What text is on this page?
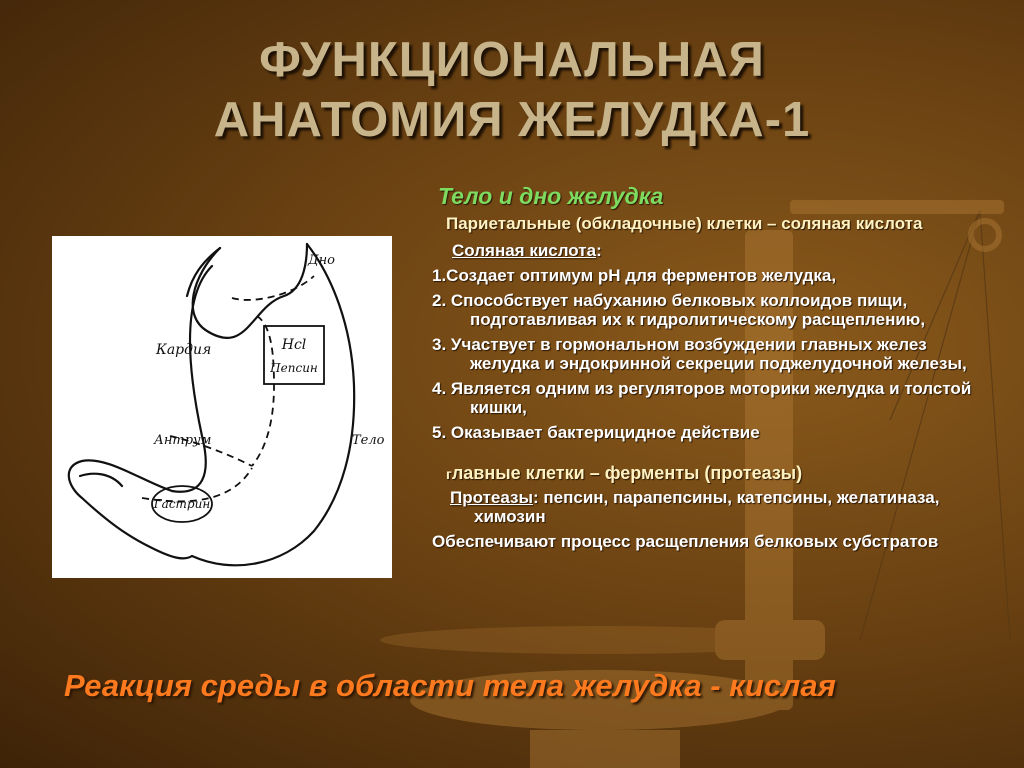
ФУНКЦИОНАЛЬНАЯ
АНАТОМИЯ ЖЕЛУДКА-1
Нсl
Пепсин
Гастрин
Дно
Кардия
Антрум	Тело

Тело и дно желудка

Париетальные (обкладочные) клетки – соляная кислота

Соляная кислота:

1.Создает оптимум рН для ферментов желудка,

2. Способствует набуханию белковых коллоидов пищи, подготавливая их к гидролитическому расщеплению,

3. Участвует в гормональном возбуждении главных желез желудка и эндокринной секреции поджелудочной железы,

4. Является одним из регуляторов моторики желудка и толстой кишки,

5. Оказывает бактерицидное действие

главные клетки – ферменты (протеазы)

Протеазы: пепсин, парапепсины, катепсины, желатиназа, химозин

Обеспечивают процесс расщепления белковых субстратов

Реакция среды в области тела желудка - кислая
